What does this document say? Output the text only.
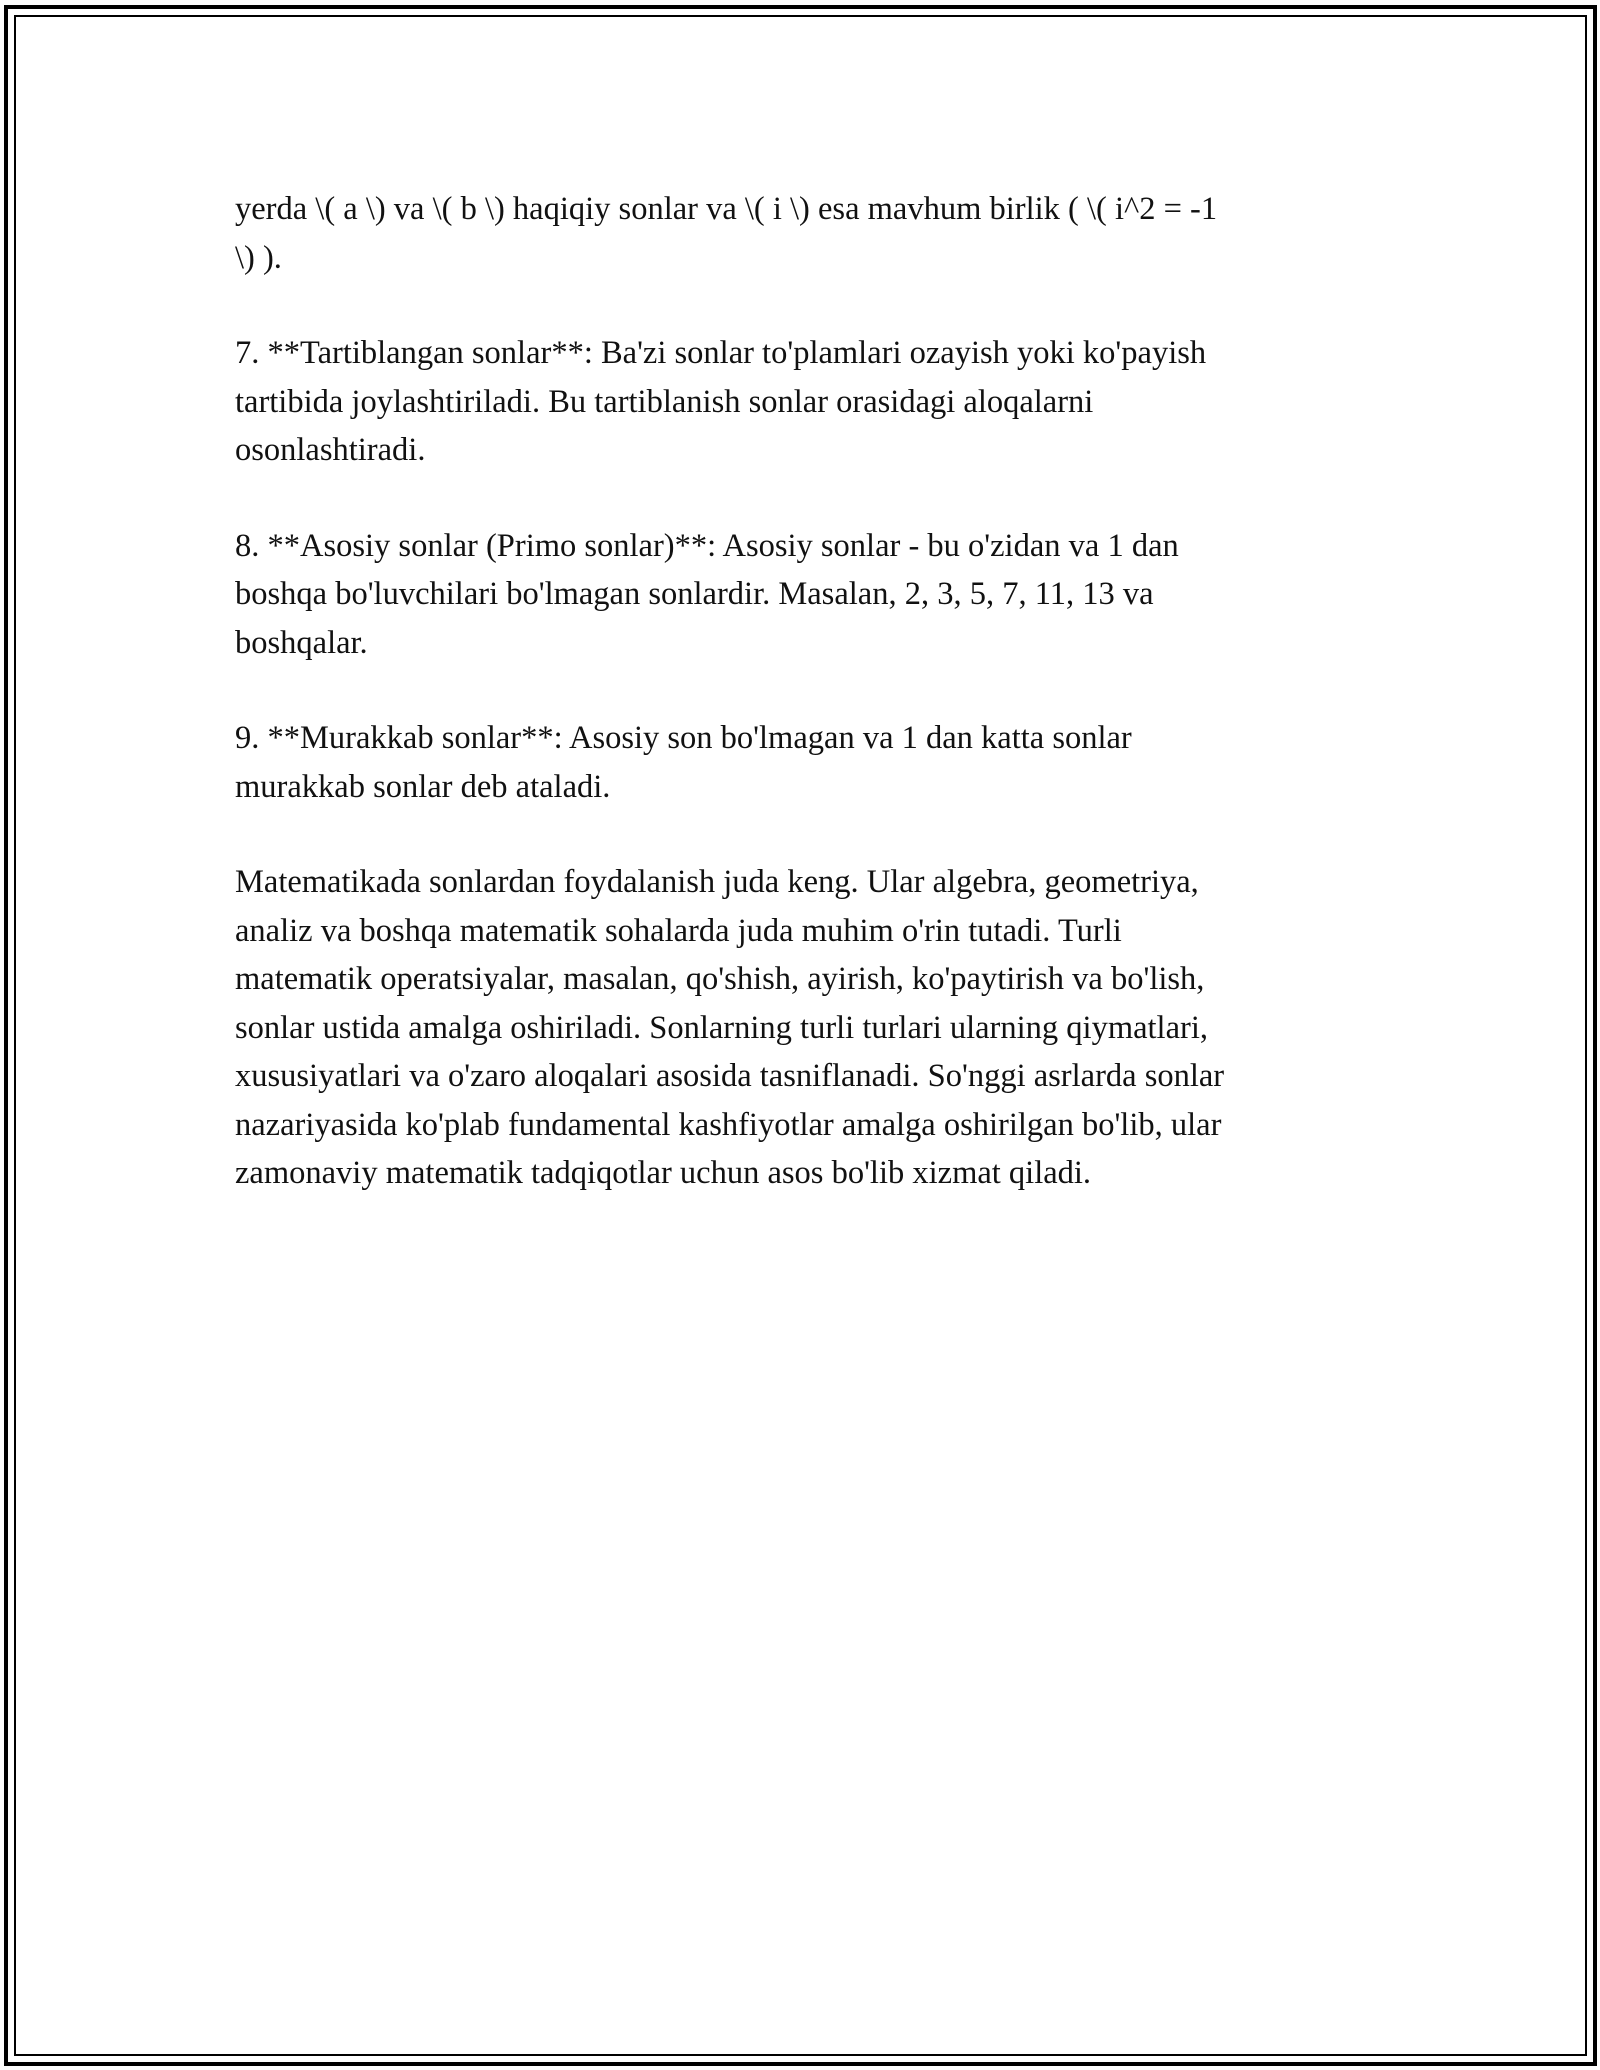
yerda \( a \) va \( b \) haqiqiy sonlar va \( i \) esa mavhum birlik ( \( i^2 = -1
\) ).

7. **Tartiblangan sonlar**: Ba'zi sonlar to'plamlari ozayish yoki ko'payish
tartibida joylashtiriladi. Bu tartiblanish sonlar orasidagi aloqalarni
osonlashtiradi.

8. **Asosiy sonlar (Primo sonlar)**: Asosiy sonlar - bu o'zidan va 1 dan
boshqa bo'luvchilari bo'lmagan sonlardir. Masalan, 2, 3, 5, 7, 11, 13 va
boshqalar.

9. **Murakkab sonlar**: Asosiy son bo'lmagan va 1 dan katta sonlar
murakkab sonlar deb ataladi.

Matematikada sonlardan foydalanish juda keng. Ular algebra, geometriya,
analiz va boshqa matematik sohalarda juda muhim o'rin tutadi. Turli
matematik operatsiyalar, masalan, qo'shish, ayirish, ko'paytirish va bo'lish,
sonlar ustida amalga oshiriladi. Sonlarning turli turlari ularning qiymatlari,
xususiyatlari va o'zaro aloqalari asosida tasniflanadi. So'nggi asrlarda sonlar
nazariyasida ko'plab fundamental kashfiyotlar amalga oshirilgan bo'lib, ular
zamonaviy matematik tadqiqotlar uchun asos bo'lib xizmat qiladi.
